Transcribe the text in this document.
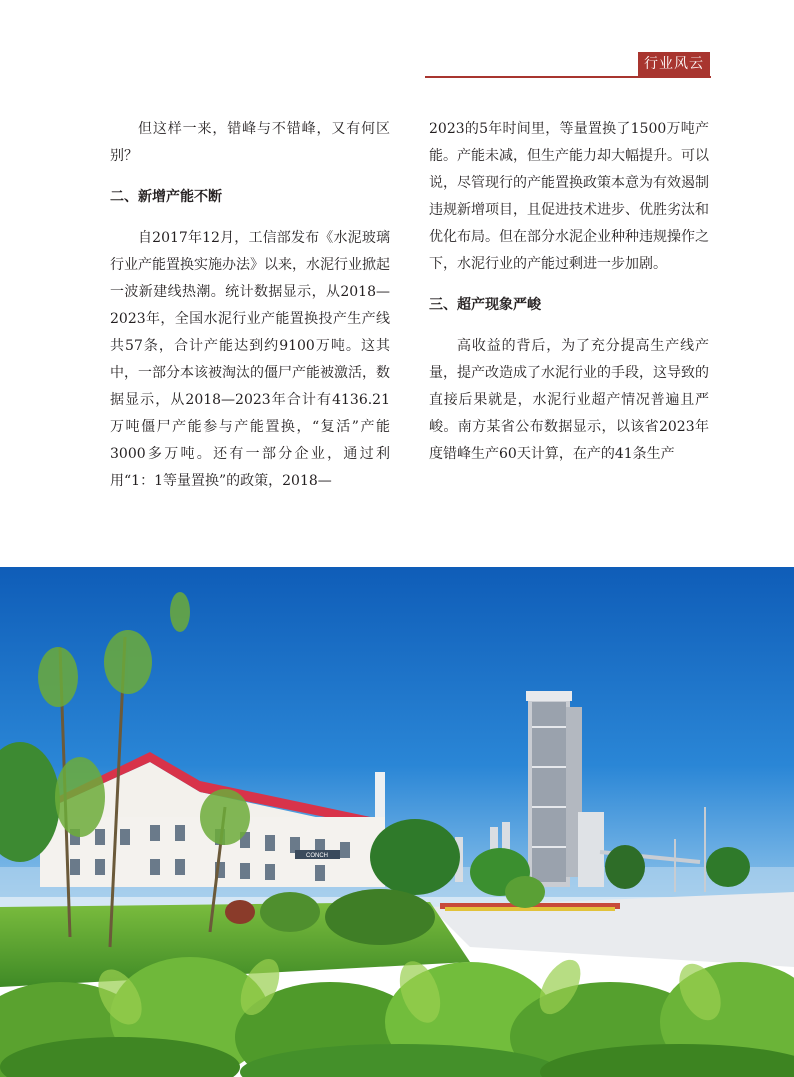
行业风云

但这样一来，错峰与不错峰，又有何区别？

二、新增产能不断

自2017年12月，工信部发布《水泥玻璃行业产能置换实施办法》以来，水泥行业掀起一波新建线热潮。统计数据显示，从2018—2023年，全国水泥行业产能置换投产生产线共57条，合计产能达到约9100万吨。这其中，一部分本该被淘汰的僵尸产能被激活，数据显示，从2018—2023年合计有4136.21万吨僵尸产能参与产能置换，“复活”产能3000多万吨。还有一部分企业，通过利用“1：1等量置换”的政策，2018—

2023的5年时间里，等量置换了1500万吨产能。产能未减，但生产能力却大幅提升。可以说，尽管现行的产能置换政策本意为有效遏制违规新增项目，且促进技术进步、优胜劣汰和优化布局。但在部分水泥企业种种违规操作之下，水泥行业的产能过剩进一步加剧。

三、超产现象严峻

高收益的背后，为了充分提高生产线产量，提产改造成了水泥行业的手段，这导致的直接后果就是，水泥行业超产情况普遍且严峻。南方某省公布数据显示，以该省2023年度错峰生产60天计算，在产的41条生产

CONCH
